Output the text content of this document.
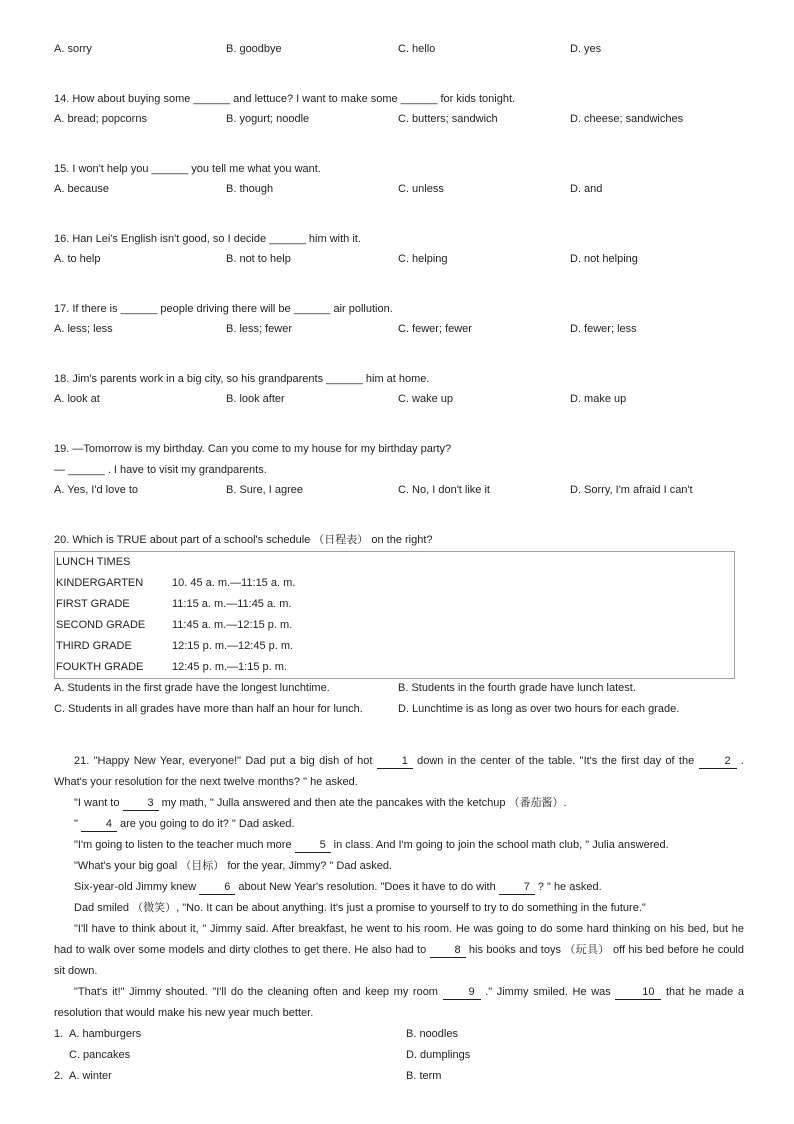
A. sorry	B. goodbye	C. hello	D. yes
14. How about buying some ______ and lettuce? I want to make some ______ for kids tonight.
A. bread; popcorns	B. yogurt; noodle	C. butters; sandwich	D. cheese; sandwiches
15. I won't help you ______ you tell me what you want.
A. because	B. though	C. unless	D. and
16. Han Lei's English isn't good, so I decide ______ him with it.
A. to help	B. not to help	C. helping	D. not helping
17. If there is ______ people driving there will be ______ air pollution.
A. less; less	B. less; fewer	C. fewer; fewer	D. fewer; less
18. Jim's parents work in a big city, so his grandparents ______ him at home.
A. look at	B. look after	C. wake up	D. make up
19. —Tomorrow is my birthday. Can you come to my house for my birthday party?
— ______ . I have to visit my grandparents.
A. Yes, I'd love to	B. Sure, I agree	C. No, I don't like it	D. Sorry, I'm afraid I can't
20. Which is TRUE about part of a school's schedule （日程表） on the right?
LUNCH TIMES
KINDERGARTEN	10. 45 a. m.—11:15 a. m.
FIRST GRADE	11:15 a. m.—11:45 a. m.
SECOND GRADE 11:45 a. m.—12:15 p. m.
THIRD GRADE	12:15 p. m.—12:45 p. m.
FOUKTH GRADE	12:45 p. m.—1:15 p. m.
A. Students in the first grade have the longest lunchtime.	B. Students in the fourth grade have lunch latest.
C. Students in all grades have more than half an hour for lunch.	D. Lunchtime is as long as over two hours for each grade.
21. "Happy New Year, everyone!" Dad put a big dish of hot 1 down in the center of the table. "It's the first day of the 2 . What's your resolution for the next twelve months? " he asked.
"I want to 3 my math, " Julla answered and then ate the pancakes with the ketchup （番茄酱）.
" 4 are you going to do it? " Dad asked.
"I'm going to listen to the teacher much more 5 in class. And I'm going to join the school math club, " Julia answered.
"What's your big goal （目标） for the year, Jimmy? " Dad asked.
Six-year-old Jimmy knew 6 about New Year's resolution. "Does it have to do with 7 ? " he asked.
Dad smiled （微笑）, "No. It can be about anything. It's just a promise to yourself to try to do something in the future."
"I'll have to think about it, " Jimmy said. After breakfast, he went to his room. He was going to do some hard thinking on his bed, but he had to walk over some models and dirty clothes to get there. He also had to 8 his books and toys （玩具） off his bed before he could sit down.
"That's it!" Jimmy shouted. "I'll do the cleaning often and keep my room 9 ." Jimmy smiled. He was 10 that he made a resolution that would make his new year much better.
1. A. hamburgers	B. noodles
C. pancakes	D. dumplings
2. A. winter	B. term
